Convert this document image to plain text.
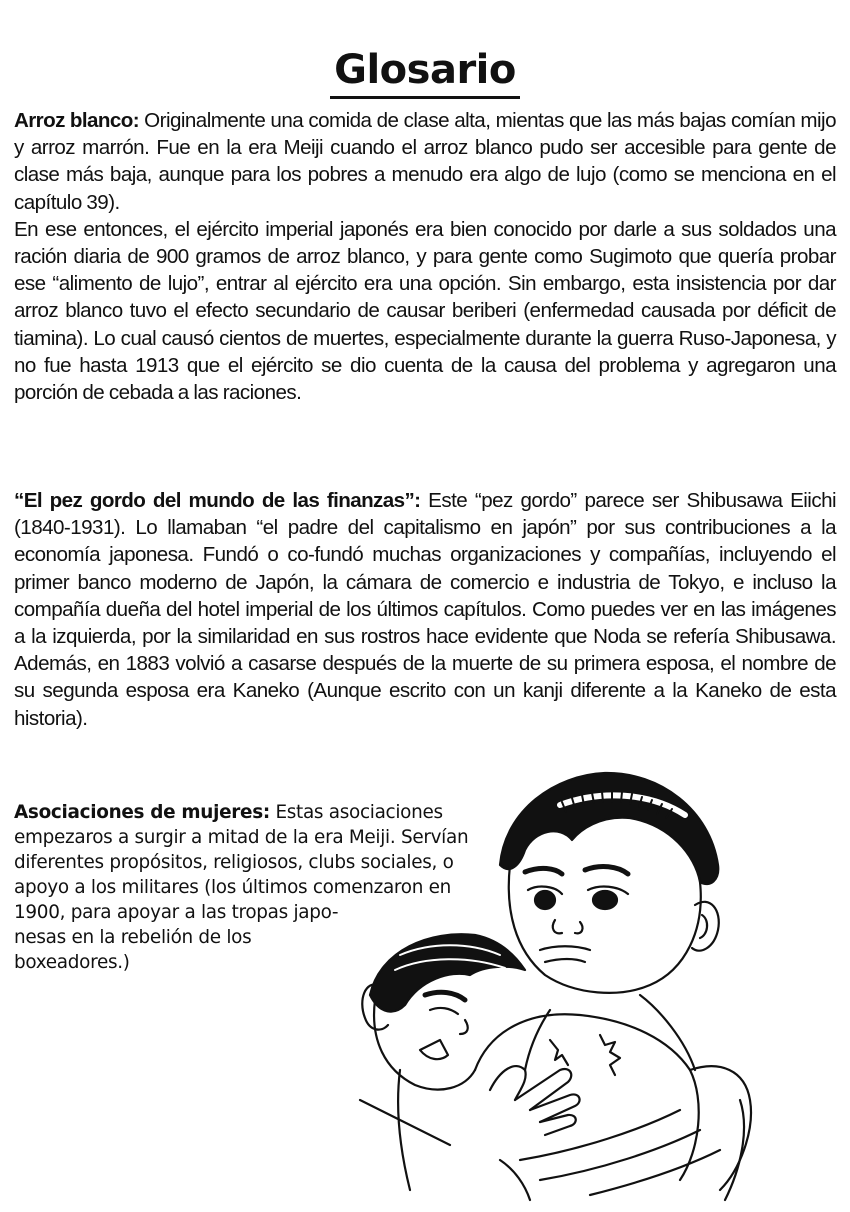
Glosario

Arroz blanco: Originalmente una comida de clase alta, mientas que las más bajas comían mijo y arroz marrón. Fue en la era Meiji cuando el arroz blanco pudo ser accesible para gente de clase más baja, aunque para los pobres a menudo era algo de lujo (como se menciona en el capítulo 39).

En ese entonces, el ejército imperial japonés era bien conocido por darle a sus soldados una ración diaria de 900 gramos de arroz blanco, y para gente como Sugimoto que quería probar ese “alimento de lujo”, entrar al ejército era una opción. Sin embargo, esta insistencia por dar arroz blanco tuvo el efecto secundario de causar beriberi (enfermedad causada por déficit de tiamina). Lo cual causó cientos de muertes, especialmente durante la guerra Ruso-Japonesa, y no fue hasta 1913 que el ejército se dio cuenta de la causa del problema y agregaron una porción de cebada a las raciones.

“El pez gordo del mundo de las finanzas”: Este “pez gordo” parece ser Shibusawa Eiichi (1840-1931). Lo llamaban “el padre del capitalismo en japón” por sus contribuciones a la economía japonesa. Fundó o co-fundó muchas organizaciones y compañías, incluyendo el primer banco moderno de Japón, la cámara de comercio e industria de Tokyo, e incluso la compañía dueña del hotel imperial de los últimos capítulos. Como puedes ver en las imágenes a la izquierda, por la similaridad en sus rostros hace evidente que Noda se refería Shibusawa. Además, en 1883 volvió a casarse después de la muerte de su primera esposa, el nombre de su segunda esposa era Kaneko (Aunque escrito con un kanji diferente a la Kaneko de esta historia).

Asociaciones de mujeres: Estas asociaciones
empezaros a surgir a mitad de la era Meiji. Servían
diferentes propósitos, religiosos, clubs sociales, o
apoyo a los militares (los últimos comenzaron en
1900, para apoyar a las tropas japo-
nesas en la rebelión de los
boxeadores.)
